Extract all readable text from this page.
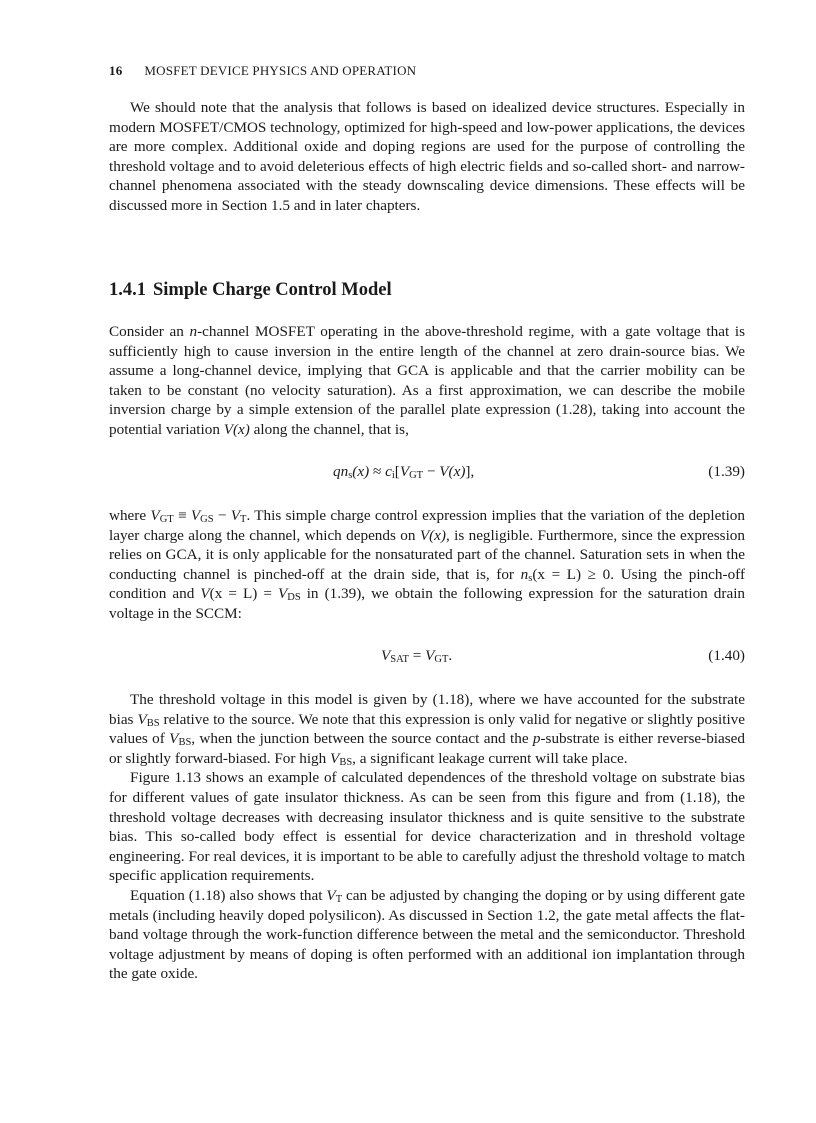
16 MOSFET DEVICE PHYSICS AND OPERATION

We should note that the analysis that follows is based on idealized device structures. Especially in modern MOSFET/CMOS technology, optimized for high-speed and low-power applications, the devices are more complex. Additional oxide and doping regions are used for the purpose of controlling the threshold voltage and to avoid deleterious effects of high electric fields and so-called short- and narrow-channel phenomena associated with the steady downscaling device dimensions. These effects will be discussed more in Section 1.5 and in later chapters.

1.4.1 Simple Charge Control Model

Consider an n-channel MOSFET operating in the above-threshold regime, with a gate voltage that is sufficiently high to cause inversion in the entire length of the channel at zero drain-source bias. We assume a long-channel device, implying that GCA is applicable and that the carrier mobility can be taken to be constant (no velocity saturation). As a first approximation, we can describe the mobile inversion charge by a simple extension of the parallel plate expression (1.28), taking into account the potential variation V(x) along the channel, that is,

$qn_s(x) \approx c_i[V_{GT} - V(x)]$,	(1.39)

where $V_{GT} \equiv V_{GS} - V_T$. This simple charge control expression implies that the variation of the depletion layer charge along the channel, which depends on V(x), is negligible. Furthermore, since the expression relies on GCA, it is only applicable for the nonsaturated part of the channel. Saturation sets in when the conducting channel is pinched-off at the drain side, that is, for $n_s(x = L) \ge 0$. Using the pinch-off condition and $V(x = L) = V_{DS}$ in (1.39), we obtain the following expression for the saturation drain voltage in the SCCM:

$V_{SAT} = V_{GT}$.	(1.40)

The threshold voltage in this model is given by (1.18), where we have accounted for the substrate bias $V_{BS}$ relative to the source. We note that this expression is only valid for negative or slightly positive values of $V_{BS}$, when the junction between the source contact and the p-substrate is either reverse-biased or slightly forward-biased. For high $V_{BS}$, a significant leakage current will take place.

Figure 1.13 shows an example of calculated dependences of the threshold voltage on substrate bias for different values of gate insulator thickness. As can be seen from this figure and from (1.18), the threshold voltage decreases with decreasing insulator thickness and is quite sensitive to the substrate bias. This so-called body effect is essential for device characterization and in threshold voltage engineering. For real devices, it is important to be able to carefully adjust the threshold voltage to match specific application requirements.

Equation (1.18) also shows that $V_T$ can be adjusted by changing the doping or by using different gate metals (including heavily doped polysilicon). As discussed in Section 1.2, the gate metal affects the flat-band voltage through the work-function difference between the metal and the semiconductor. Threshold voltage adjustment by means of doping is often performed with an additional ion implantation through the gate oxide.
